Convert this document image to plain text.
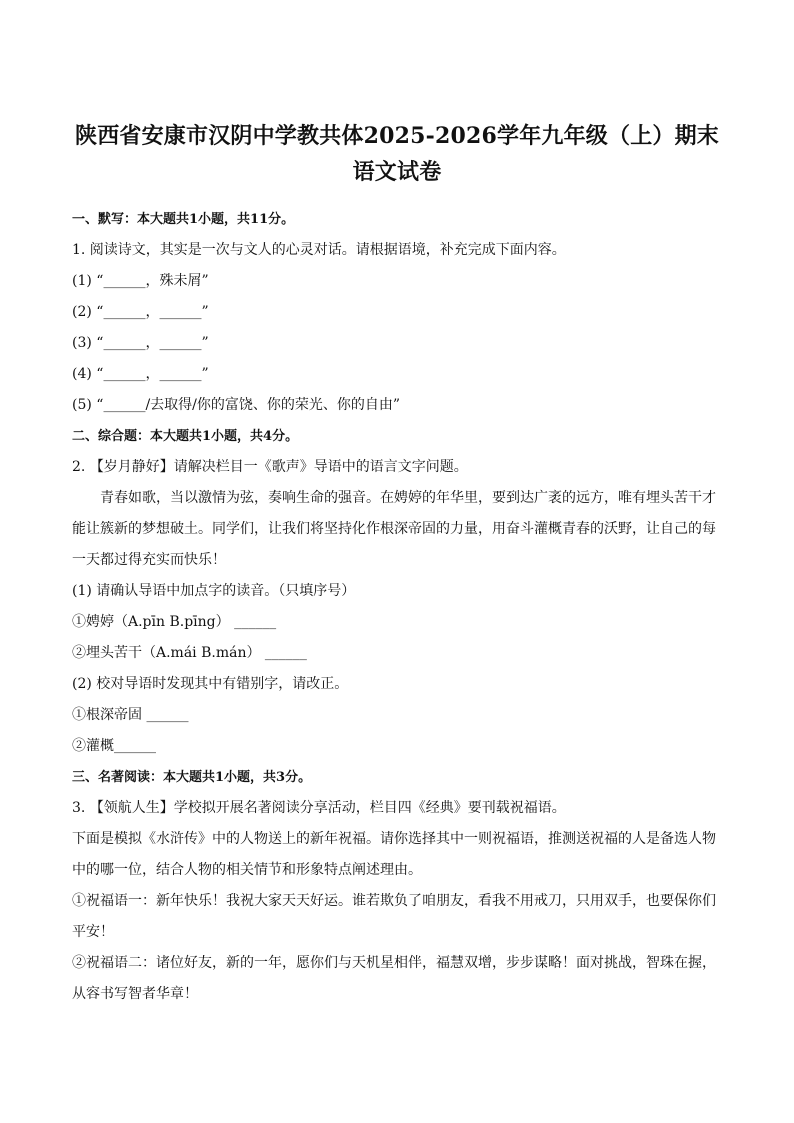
陕西省安康市汉阴中学教共体2025-2026学年九年级（上）期末语文试卷
一、默写：本大题共1小题，共11分。
1. 阅读诗文，其实是一次与文人的心灵对话。请根据语境，补充完成下面内容。
(1) “______，殊未屑”
(2) “______，______”
(3) “______，______”
(4) “______，______”
(5) “______/去取得/你的富饶、你的荣光、你的自由”
二、综合题：本大题共1小题，共4分。
2. 【岁月静好】请解决栏目一《歌声》导语中的语言文字问题。

青春如歌，当以激情为弦，奏响生命的强音。在娉婷的年华里，要到达广袤的远方，唯有埋头苦干才能让簇新的梦想破土。同学们，让我们将坚持化作根深帝固的力量，用奋斗灌概青春的沃野，让自己的每一天都过得充实而快乐！

(1) 请确认导语中加点字的读音。（只填序号）
①娉婷（A.pīn B.pīng） ______
②埋头苦干（A.mái B.mán） ______
(2) 校对导语时发现其中有错别字，请改正。
①根深帝固 ______
②灌概______
三、名著阅读：本大题共1小题，共3分。
3. 【领航人生】学校拟开展名著阅读分享活动，栏目四《经典》要刊载祝福语。
下面是模拟《水浒传》中的人物送上的新年祝福。请你选择其中一则祝福语，推测送祝福的人是备选人物中的哪一位，结合人物的相关情节和形象特点阐述理由。
①祝福语一：新年快乐！我祝大家天天好运。谁若欺负了咱朋友，看我不用戒刀，只用双手，也要保你们平安！
②祝福语二：诸位好友，新的一年，愿你们与天机星相伴，福慧双增，步步谋略！面对挑战，智珠在握，从容书写智者华章！
